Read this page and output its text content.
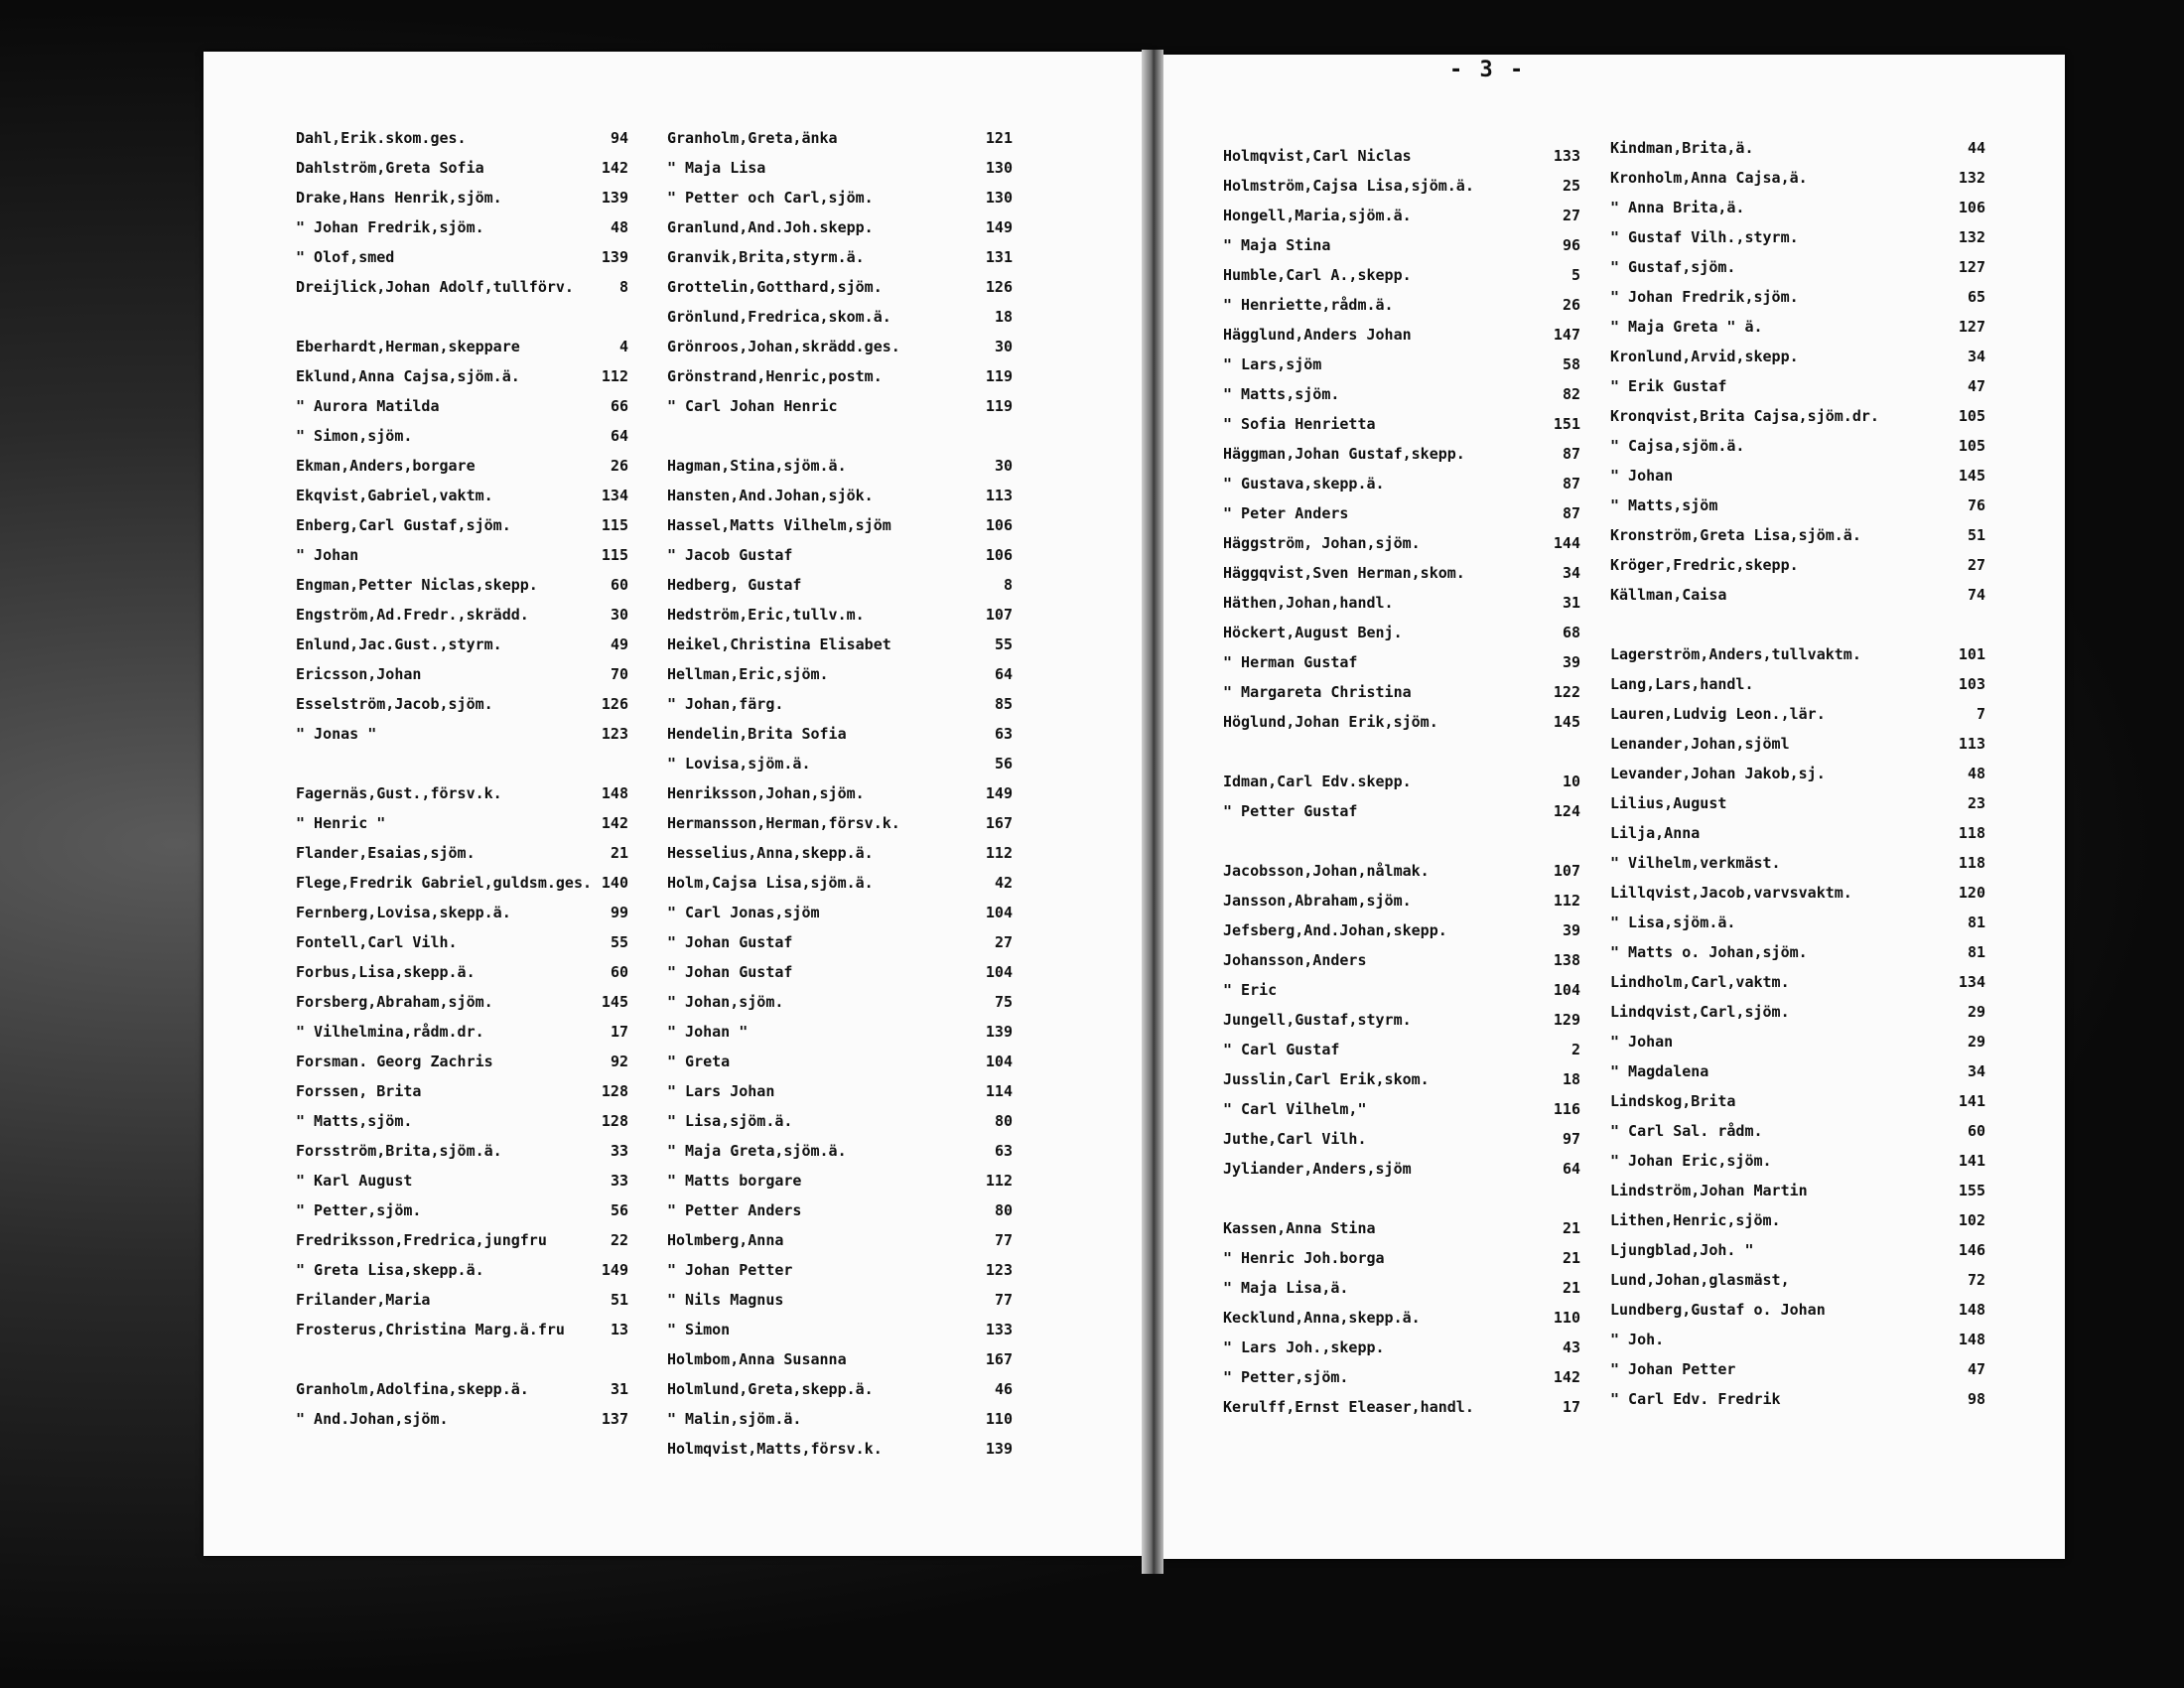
- 3 -
Dahl,Erik.skom.ges.	94
Dahlström,Greta Sofia	142
Drake,Hans Henrik,sjöm.	139
" Johan Fredrik,sjöm.	48
" Olof,smed	139
Dreijlick,Johan Adolf,tullförv.	8
Eberhardt,Herman,skeppare	4
Eklund,Anna Cajsa,sjöm.ä.	112
" Aurora Matilda	66
" Simon,sjöm.	64
Ekman,Anders,borgare	26
Ekqvist,Gabriel,vaktm.	134
Enberg,Carl Gustaf,sjöm.	115
" Johan	115
Engman,Petter Niclas,skepp.	60
Engström,Ad.Fredr.,skrädd.	30
Enlund,Jac.Gust.,styrm.	49
Ericsson,Johan	70
Esselström,Jacob,sjöm.	126
" Jonas "	123
Fagernäs,Gust.,försv.k.	148
" Henric "	142
Flander,Esaias,sjöm.	21
Flege,Fredrik Gabriel,guldsm.ges. 140
Fernberg,Lovisa,skepp.ä.	99
Fontell,Carl Vilh.	55
Forbus,Lisa,skepp.ä.	60
Forsberg,Abraham,sjöm.	145
" Vilhelmina,rådm.dr.	17
Forsman. Georg Zachris	92
Forssen, Brita	128
" Matts,sjöm.	128
Forsström,Brita,sjöm.ä.	33
" Karl August	33
" Petter,sjöm.	56
Fredriksson,Fredrica,jungfru	22
" Greta Lisa,skepp.ä.	149
Frilander,Maria	51
Frosterus,Christina Marg.ä.fru	13
Granholm,Adolfina,skepp.ä.	31
" And.Johan,sjöm.	137
Granholm,Greta,änka	121
" Maja Lisa	130
" Petter och Carl,sjöm.	130
Granlund,And.Joh.skepp.	149
Granvik,Brita,styrm.ä.	131
Grottelin,Gotthard,sjöm.	126
Grönlund,Fredrica,skom.ä.	18
Grönroos,Johan,skrädd.ges.	30
Grönstrand,Henric,postm.	119
" Carl Johan Henric	119
Hagman,Stina,sjöm.ä.	30
Hansten,And.Johan,sjök.	113
Hassel,Matts Vilhelm,sjöm	106
" Jacob Gustaf	106
Hedberg, Gustaf	8
Hedström,Eric,tullv.m.	107
Heikel,Christina Elisabet	55
Hellman,Eric,sjöm.	64
" Johan,färg.	85
Hendelin,Brita Sofia	63
" Lovisa,sjöm.ä.	56
Henriksson,Johan,sjöm.	149
Hermansson,Herman,försv.k.	167
Hesselius,Anna,skepp.ä.	112
Holm,Cajsa Lisa,sjöm.ä.	42
" Carl Jonas,sjöm	104
" Johan Gustaf	27
" Johan Gustaf	104
" Johan,sjöm.	75
" Johan "	139
" Greta	104
" Lars Johan	114
" Lisa,sjöm.ä.	80
" Maja Greta,sjöm.ä.	63
" Matts borgare	112
" Petter Anders	80
Holmberg,Anna	77
" Johan Petter	123
" Nils Magnus	77
" Simon	133
Holmbom,Anna Susanna	167
Holmlund,Greta,skepp.ä.	46
" Malin,sjöm.ä.	110
Holmqvist,Matts,försv.k.	139
Holmqvist,Carl Niclas	133
Holmström,Cajsa Lisa,sjöm.ä.	25
Hongell,Maria,sjöm.ä.	27
" Maja Stina	96
Humble,Carl A.,skepp.	5
" Henriette,rådm.ä.	26
Hägglund,Anders Johan	147
" Lars,sjöm	58
" Matts,sjöm.	82
" Sofia Henrietta	151
Häggman,Johan Gustaf,skepp.	87
" Gustava,skepp.ä.	87
" Peter Anders	87
Häggström, Johan,sjöm.	144
Häggqvist,Sven Herman,skom.	34
Häthen,Johan,handl.	31
Höckert,August Benj.	68
" Herman Gustaf	39
" Margareta Christina	122
Höglund,Johan Erik,sjöm.	145
Idman,Carl Edv.skepp.	10
" Petter Gustaf	124
Jacobsson,Johan,nålmak.	107
Jansson,Abraham,sjöm.	112
Jefsberg,And.Johan,skepp.	39
Johansson,Anders	138
" Eric	104
Jungell,Gustaf,styrm.	129
" Carl Gustaf	2
Jusslin,Carl Erik,skom.	18
" Carl Vilhelm,"	116
Juthe,Carl Vilh.	97
Jyliander,Anders,sjöm	64
Kassen,Anna Stina	21
" Henric Joh.borga	21
" Maja Lisa,ä.	21
Kecklund,Anna,skepp.ä.	110
" Lars Joh.,skepp.	43
" Petter,sjöm.	142
Kerulff,Ernst Eleaser,handl.	17
Kindman,Brita,ä.	44
Kronholm,Anna Cajsa,ä.	132
" Anna Brita,ä.	106
" Gustaf Vilh.,styrm.	132
" Gustaf,sjöm.	127
" Johan Fredrik,sjöm.	65
" Maja Greta " ä.	127
Kronlund,Arvid,skepp.	34
" Erik Gustaf	47
Kronqvist,Brita Cajsa,sjöm.dr.	105
" Cajsa,sjöm.ä.	105
" Johan	145
" Matts,sjöm	76
Kronström,Greta Lisa,sjöm.ä.	51
Kröger,Fredric,skepp.	27
Källman,Caisa	74
Lagerström,Anders,tullvaktm.	101
Lang,Lars,handl.	103
Lauren,Ludvig Leon.,lär.	7
Lenander,Johan,sjöml	113
Levander,Johan Jakob,sj.	48
Lilius,August	23
Lilja,Anna	118
" Vilhelm,verkmäst.	118
Lillqvist,Jacob,varvsvaktm.	120
" Lisa,sjöm.ä.	81
" Matts o. Johan,sjöm.	81
Lindholm,Carl,vaktm.	134
Lindqvist,Carl,sjöm.	29
" Johan	29
" Magdalena	34
Lindskog,Brita	141
" Carl Sal. rådm.	60
" Johan Eric,sjöm.	141
Lindström,Johan Martin	155
Lithen,Henric,sjöm.	102
Ljungblad,Joh. "	146
Lund,Johan,glasmäst,	72
Lundberg,Gustaf o. Johan	148
" Joh.	148
" Johan Petter	47
" Carl Edv. Fredrik	98
